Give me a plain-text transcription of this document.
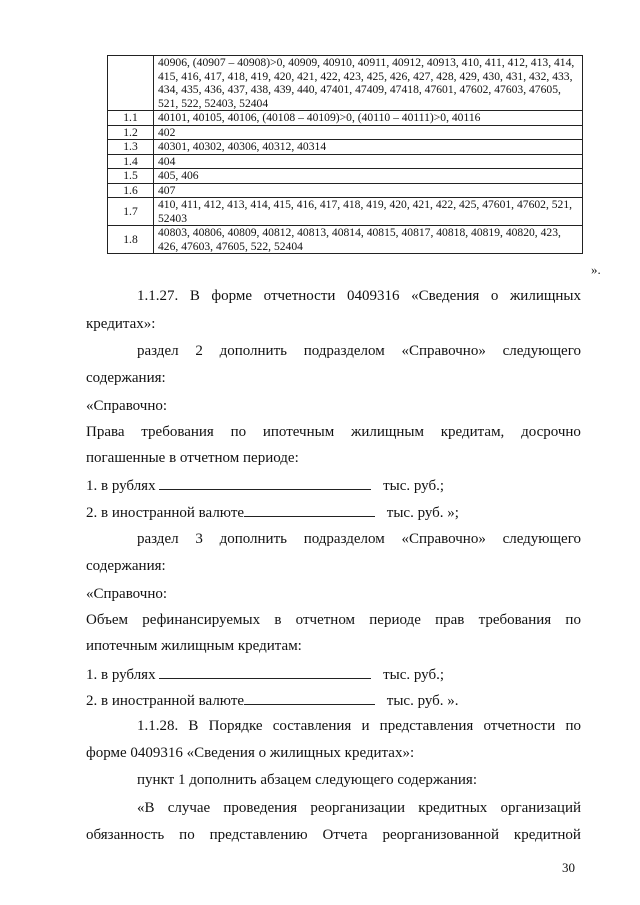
	40906, (40907 – 40908)>0, 40909, 40910, 40911, 40912, 40913, 410, 411, 412, 413, 414, 415, 416, 417, 418, 419, 420, 421, 422, 423, 425, 426, 427, 428, 429, 430, 431, 432, 433, 434, 435, 436, 437, 438, 439, 440, 47401, 47409, 47418, 47601, 47602, 47603, 47605, 521, 522, 52403, 52404
1.1	40101, 40105, 40106, (40108 – 40109)>0, (40110 – 40111)>0, 40116
1.2	402
1.3	40301, 40302, 40306, 40312, 40314
1.4	404
1.5	405, 406
1.6	407
1.7	410, 411, 412, 413, 414, 415, 416, 417, 418, 419, 420, 421, 422, 425, 47601, 47602, 521, 52403
1.8	40803, 40806, 40809, 40812, 40813, 40814, 40815, 40817, 40818, 40819, 40820, 423, 426, 47603, 47605, 522, 52404
».
1.1.27. В форме отчетности 0409316 «Сведения о жилищных
кредитах»:
раздел 2 дополнить подразделом «Справочно» следующего
содержания:
«Справочно:
Права требования по ипотечным жилищным кредитам, досрочно
погашенные в отчетном периоде:
1. в рублях	тыс. руб.;
2. в иностранной валюте	тыс. руб. »;
раздел 3 дополнить подразделом «Справочно» следующего
содержания:
«Справочно:
Объем рефинансируемых в отчетном периоде прав требования по
ипотечным жилищным кредитам:
1. в рублях	тыс. руб.;
2. в иностранной валюте	тыс. руб. ».
1.1.28. В Порядке составления и представления отчетности по
форме 0409316 «Сведения о жилищных кредитах»:
пункт 1 дополнить абзацем следующего содержания:
«В случае проведения реорганизации кредитных организаций
обязанность по представлению Отчета реорганизованной кредитной
30
